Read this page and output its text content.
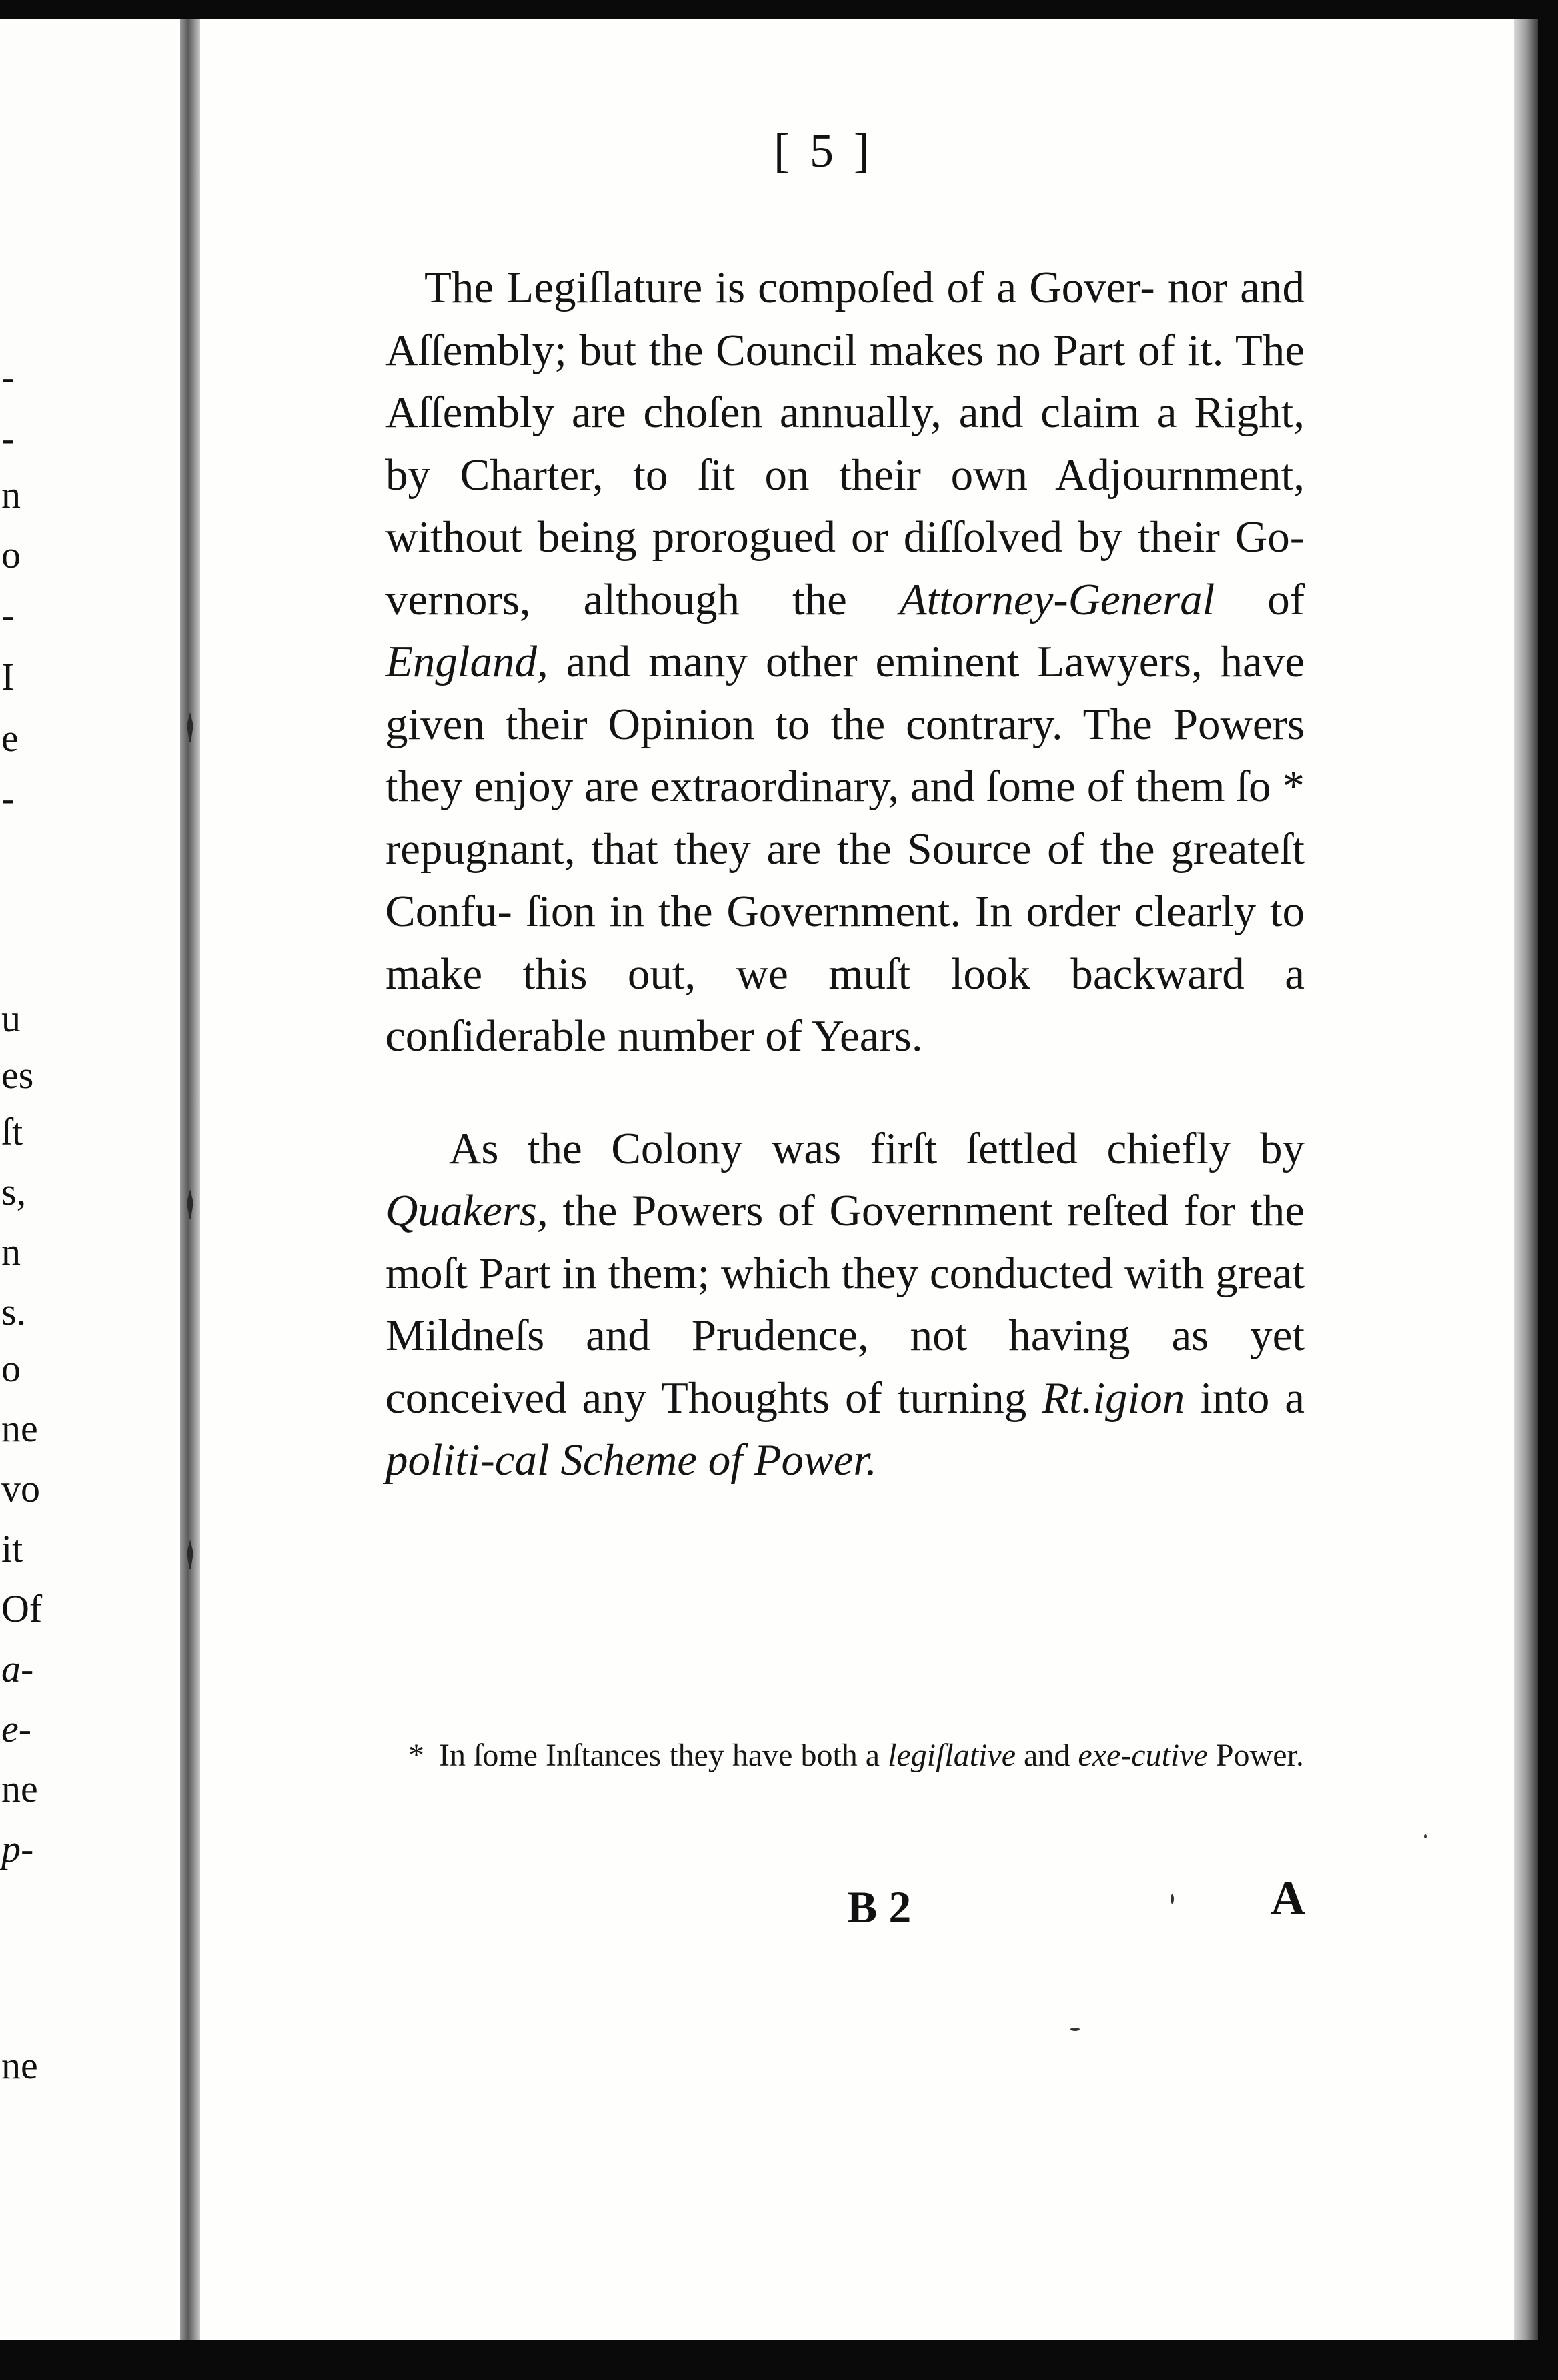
-
-
n
o
-
I
e
-
u
es
ſt
s,
n
s.
o
ne
vo
it
Of
a-
e-
ne
p-
ne
[ 5 ]

The Legiſlature is compoſed of a Gover- nor and Aſſembly; but the Council makes no Part of it. The Aſſembly are choſen annually, and claim a Right, by Charter, to ſit on their own Adjournment, without being prorogued or diſſolved by their Go- vernors, although the Attorney-General of England, and many other eminent Lawyers, have given their Opinion to the contrary. The Powers they enjoy are extraordinary, and ſome of them ſo * repugnant, that they are the Source of the greateſt Confu- ſion in the Government. In order clearly to make this out, we muſt look backward a conſiderable number of Years.

As the Colony was firſt ſettled chiefly by Quakers, the Powers of Government reſted for the moſt Part in them; which they conducted with great Mildneſs and Prudence, not having as yet conceived any Thoughts of turning Rt.igion into a politi-cal Scheme of Power.

* In ſome Inſtances they have both a legiſlative and exe-cutive Power.
B 2	A
